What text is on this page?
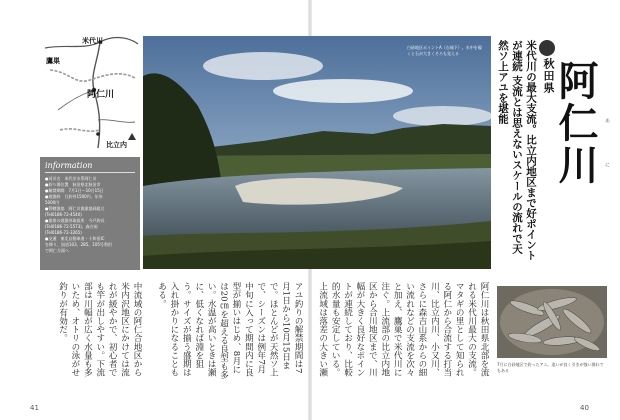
阿仁川
米代川
鷹巣
比立内
information
●河川名　米代川水系阿仁川
●釣り場位置　秋田県北秋田市
●解禁期間　7月1日～10月15日
●遊漁料　日釣券1500円、年券
5000円
●管轄漁協　阿仁川漁業協同組合
(Tel0186-72-4540)
●最寄の遊漁券取扱所　今戸釣具
(Tel0186-72-5573)、森吉屋
(Tel0186-72-3265)
●交通　東北自動車道・十和田IC
を降り、国道103、285、105号利用
で阿仁方面へ
白砂地区ポイントA（右端下）。水中を覗くと石が大きくそろも見える
7月に白砂地区で釣ったアユ。追いが良く引きが強い群れでもある
秋田県
阿仁川 あ
に
米代川の最大支流。比立内地区まで好ポイントが連続 支流とは思えないスケールの流れで天然ソ上アユを堪能
阿仁川は秋田県北部を流れる米代川最大の支流。マタギの里として知られる阿仁から合流する打当川、比立内川、小又川、さらに森吉山系からの細い流れなどの支流を次々と加え、鷹巣で米代川に注ぐ。上流部の比立内地区から合川地区まで、川幅が大きく良好なポイントが連続しており、比較的水量も安定している。上流域は落差の大きい瀬
アユ釣りの解禁期間は7月1日から10月15日まで。ほとんどが天然ソ上で、シーズンは例年7月中旬に入って期間内に良型が揃いはじめ、8月には20㎝を超える良型も多い。水温が高いときは瀬に、低くなれば淵を狙う。サイズが揃う盛期は入れ掛かりになることもある。
中流域の阿仁合地区から米内沢地区にかけては流れが緩やかで、初心者でも竿が出しやすい。下流部は川幅が広く水量も多いため、オトリの泳がせ釣りが有効だ。
41	40
